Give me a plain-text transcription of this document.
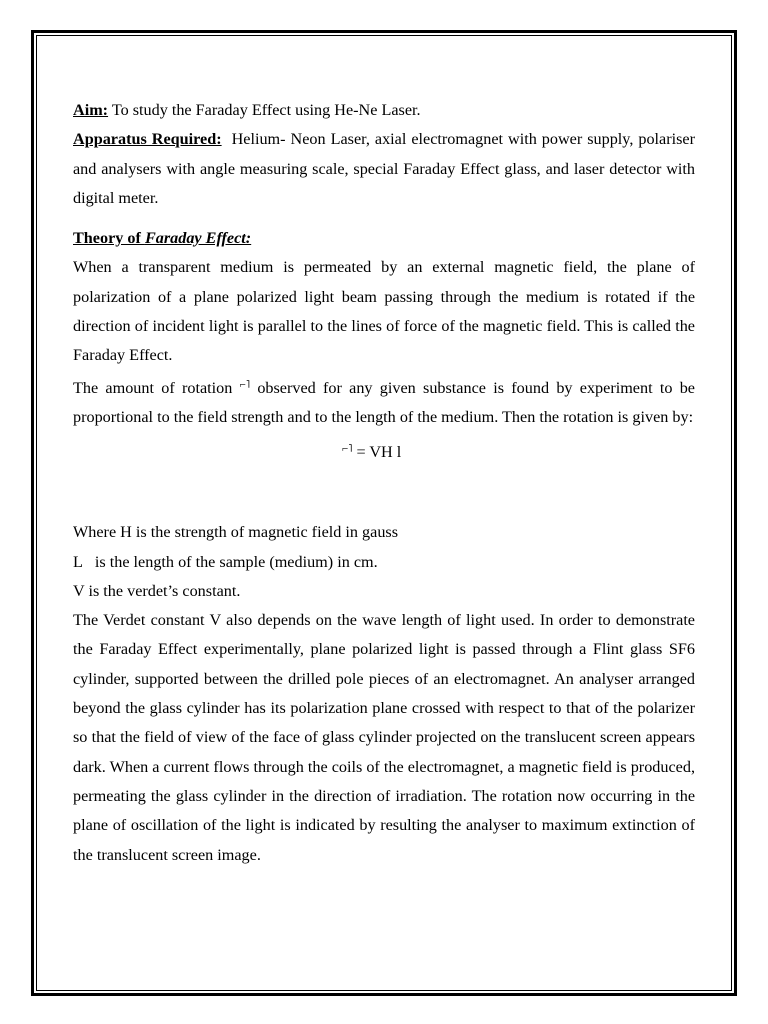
Aim: To study the Faraday Effect using He-Ne Laser.

Apparatus Required:  Helium- Neon Laser, axial electromagnet with power supply, polariser and analysers with angle measuring scale, special Faraday Effect glass, and laser detector with digital meter.

Theory of Faraday Effect:

When a transparent medium is permeated by an external magnetic field, the plane of polarization of a plane polarized light beam passing through the medium is rotated if the direction of incident light is parallel to the lines of force of the magnetic field. This is called the Faraday Effect.

The amount of rotation ⌐˥ observed for any given substance is found by experiment to be proportional to the field strength and to the length of the medium. Then the rotation is given by:

⌐˥ = VH l

Where H is the strength of magnetic field in gauss

L is the length of the sample (medium) in cm.

V is the verdet’s constant.

The Verdet constant V also depends on the wave length of light used. In order to demonstrate the Faraday Effect experimentally, plane polarized light is passed through a Flint glass SF6 cylinder, supported between the drilled pole pieces of an electromagnet. An analyser arranged beyond the glass cylinder has its polarization plane crossed with respect to that of the polarizer so that the field of view of the face of glass cylinder projected on the translucent screen appears dark. When a current flows through the coils of the electromagnet, a magnetic field is produced, permeating the glass cylinder in the direction of irradiation. The rotation now occurring in the plane of oscillation of the light is indicated by resulting the analyser to maximum extinction of the translucent screen image.
